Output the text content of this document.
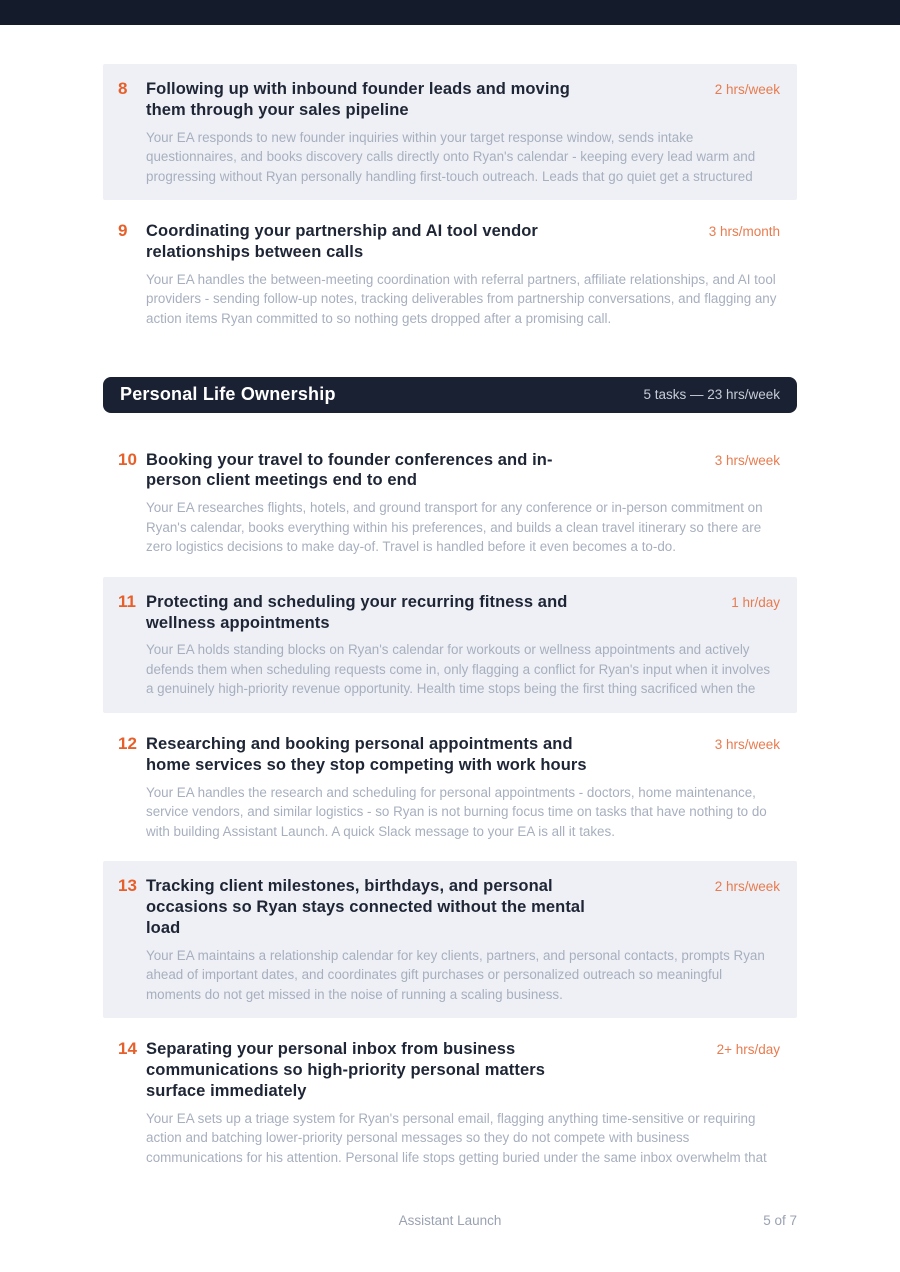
8	Following up with inbound founder leads and moving them through your sales pipeline
2 hrs/week

Your EA responds to new founder inquiries within your target response window, sends intake questionnaires, and books discovery calls directly onto Ryan's calendar - keeping every lead warm and progressing without Ryan personally handling first-touch outreach. Leads that go quiet get a structured

9	Coordinating your partnership and AI tool vendor relationships between calls
3 hrs/month

Your EA handles the between-meeting coordination with referral partners, affiliate relationships, and AI tool providers - sending follow-up notes, tracking deliverables from partnership conversations, and flagging any action items Ryan committed to so nothing gets dropped after a promising call.

Personal Life Ownership	5 tasks — 23 hrs/week
10 Booking your travel to founder conferences and in-person client meetings end to end
3 hrs/week

Your EA researches flights, hotels, and ground transport for any conference or in-person commitment on Ryan's calendar, books everything within his preferences, and builds a clean travel itinerary so there are zero logistics decisions to make day-of. Travel is handled before it even becomes a to-do.

11 Protecting and scheduling your recurring fitness and wellness appointments
1 hr/day

Your EA holds standing blocks on Ryan's calendar for workouts or wellness appointments and actively defends them when scheduling requests come in, only flagging a conflict for Ryan's input when it involves a genuinely high-priority revenue opportunity. Health time stops being the first thing sacrificed when the

12 Researching and booking personal appointments and home services so they stop competing with work hours
3 hrs/week

Your EA handles the research and scheduling for personal appointments - doctors, home maintenance, service vendors, and similar logistics - so Ryan is not burning focus time on tasks that have nothing to do with building Assistant Launch. A quick Slack message to your EA is all it takes.

13 Tracking client milestones, birthdays, and personal occasions so Ryan stays connected without the mental load
2 hrs/week

Your EA maintains a relationship calendar for key clients, partners, and personal contacts, prompts Ryan ahead of important dates, and coordinates gift purchases or personalized outreach so meaningful moments do not get missed in the noise of running a scaling business.

14 Separating your personal inbox from business communications so high-priority personal matters surface immediately
2+ hrs/day

Your EA sets up a triage system for Ryan's personal email, flagging anything time-sensitive or requiring action and batching lower-priority personal messages so they do not compete with business communications for his attention. Personal life stops getting buried under the same inbox overwhelm that

Assistant Launch	5 of 7
